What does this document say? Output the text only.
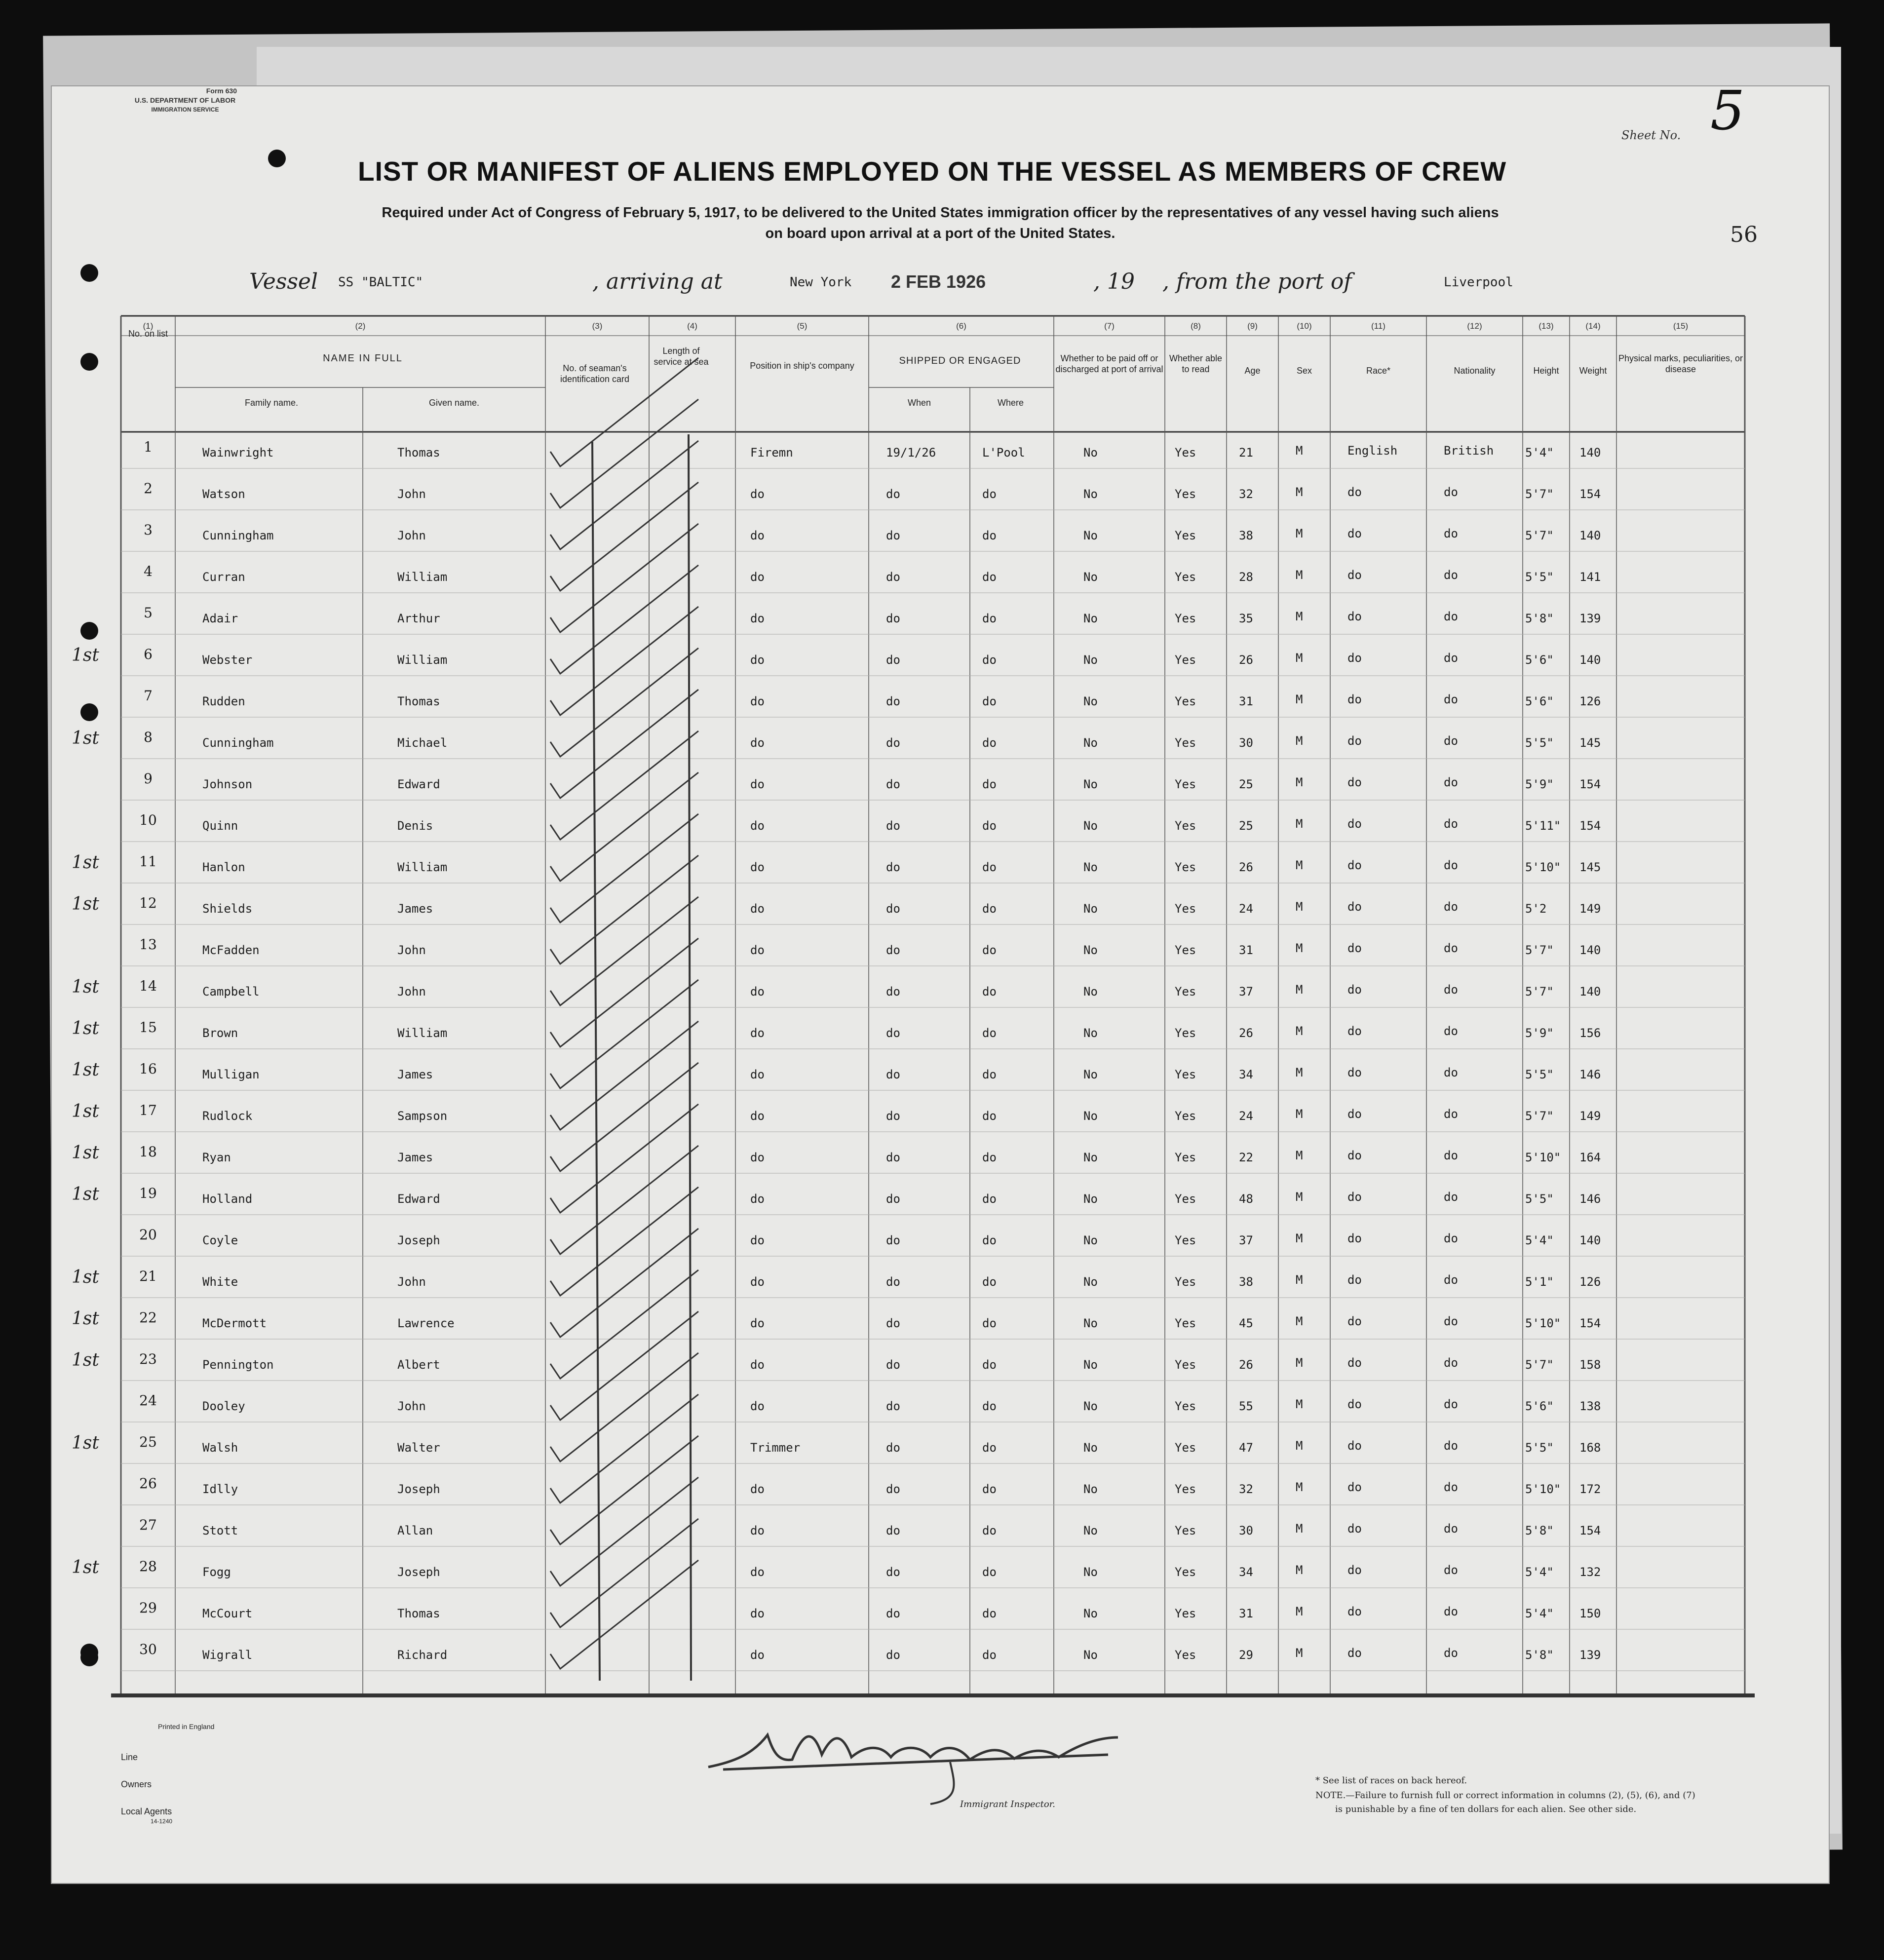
Form 630
U.S. DEPARTMENT OF LABOR
IMMIGRATION SERVICE
Sheet No. 5
56
LIST OR MANIFEST OF ALIENS EMPLOYED ON THE VESSEL AS MEMBERS OF CREW
Required under Act of Congress of February 5, 1917, to be delivered to the United States immigration officer by the representatives of any vessel having such aliens
on board upon arrival at a port of the United States.
Vessel SS "BALTIC"	, arriving at	New York 2 FEB 1926	, 19 , from the port of	Liverpool
(1)	(2)	(3)	(4)	(5)	(6)	(7)	(8)	(9)	(10)	(11)	(12)	(13)	(14)	(15)
No. on list
NAME IN FULL
Family name.	Given name.
No. of seaman's identification card
Length of service at sea	Position in ship's company	SHIPPED OR ENGAGED
When	Where
Whether to be paid off or discharged at port of arrival
Whether able to read	Age	Sex	Race*	Nationality	Height	Weight
Physical marks, peculiarities, or disease
1	Wainwright	Thomas	Firemn	19/1/26	L'Pool	No	Yes	21	M	English	British	5'4" 140
2	Watson	John	do	do	do	No	Yes	32	M	do	do	5'7" 154
3	Cunningham	John	do	do	do	No	Yes	38	M	do	do	5'7" 140
4	Curran	William	do	do	do	No	Yes	28	M	do	do	5'5" 141
5	Adair	Arthur	do	do	do	No	Yes	35	M	do	do	5'8" 139
1st	6	Webster	William	do	do	do	No	Yes	26	M	do	do	5'6" 140
7	Rudden	Thomas	do	do	do	No	Yes	31	M	do	do	5'6" 126
1st	8	Cunningham	Michael	do	do	do	No	Yes	30	M	do	do	5'5" 145
9	Johnson	Edward	do	do	do	No	Yes	25	M	do	do	5'9" 154
10	Quinn	Denis	do	do	do	No	Yes	25	M	do	do	5'11" 154
1st	11	Hanlon	William	do	do	do	No	Yes	26	M	do	do	5'10" 145
1st	12	Shields	James	do	do	do	No	Yes	24	M	do	do	5'2	149
13	McFadden	John	do	do	do	No	Yes	31	M	do	do	5'7" 140
1st	14	Campbell	John	do	do	do	No	Yes	37	M	do	do	5'7" 140
1st	15	Brown	William	do	do	do	No	Yes	26	M	do	do	5'9" 156
1st	16	Mulligan	James	do	do	do	No	Yes	34	M	do	do	5'5" 146
1st	17	Rudlock	Sampson	do	do	do	No	Yes	24	M	do	do	5'7" 149
1st	18	Ryan	James	do	do	do	No	Yes	22	M	do	do	5'10" 164
1st	19	Holland	Edward	do	do	do	No	Yes	48	M	do	do	5'5" 146
20	Coyle	Joseph	do	do	do	No	Yes	37	M	do	do	5'4" 140
1st	21	White	John	do	do	do	No	Yes	38	M	do	do	5'1" 126
1st	22	McDermott	Lawrence	do	do	do	No	Yes	45	M	do	do	5'10" 154
1st	23	Pennington	Albert	do	do	do	No	Yes	26	M	do	do	5'7" 158
24	Dooley	John	do	do	do	No	Yes	55	M	do	do	5'6" 138
1st	25	Walsh	Walter	Trimmer	do	do	No	Yes	47	M	do	do	5'5" 168
26	Idlly	Joseph	do	do	do	No	Yes	32	M	do	do	5'10" 172
27	Stott	Allan	do	do	do	No	Yes	30	M	do	do	5'8" 154
1st	28	Fogg	Joseph	do	do	do	No	Yes	34	M	do	do	5'4" 132
29	McCourt	Thomas	do	do	do	No	Yes	31	M	do	do	5'4" 150
30	Wigrall	Richard	do	do	do	No	Yes	29	M	do	do	5'8" 139
Printed in England
Line
Owners
Local Agents
14-1240
Immigrant Inspector.
* See list of races on back hereof.
NOTE.—Failure to furnish full or correct information in columns (2), (5), (6), and (7)
is punishable by a fine of ten dollars for each alien. See other side.
